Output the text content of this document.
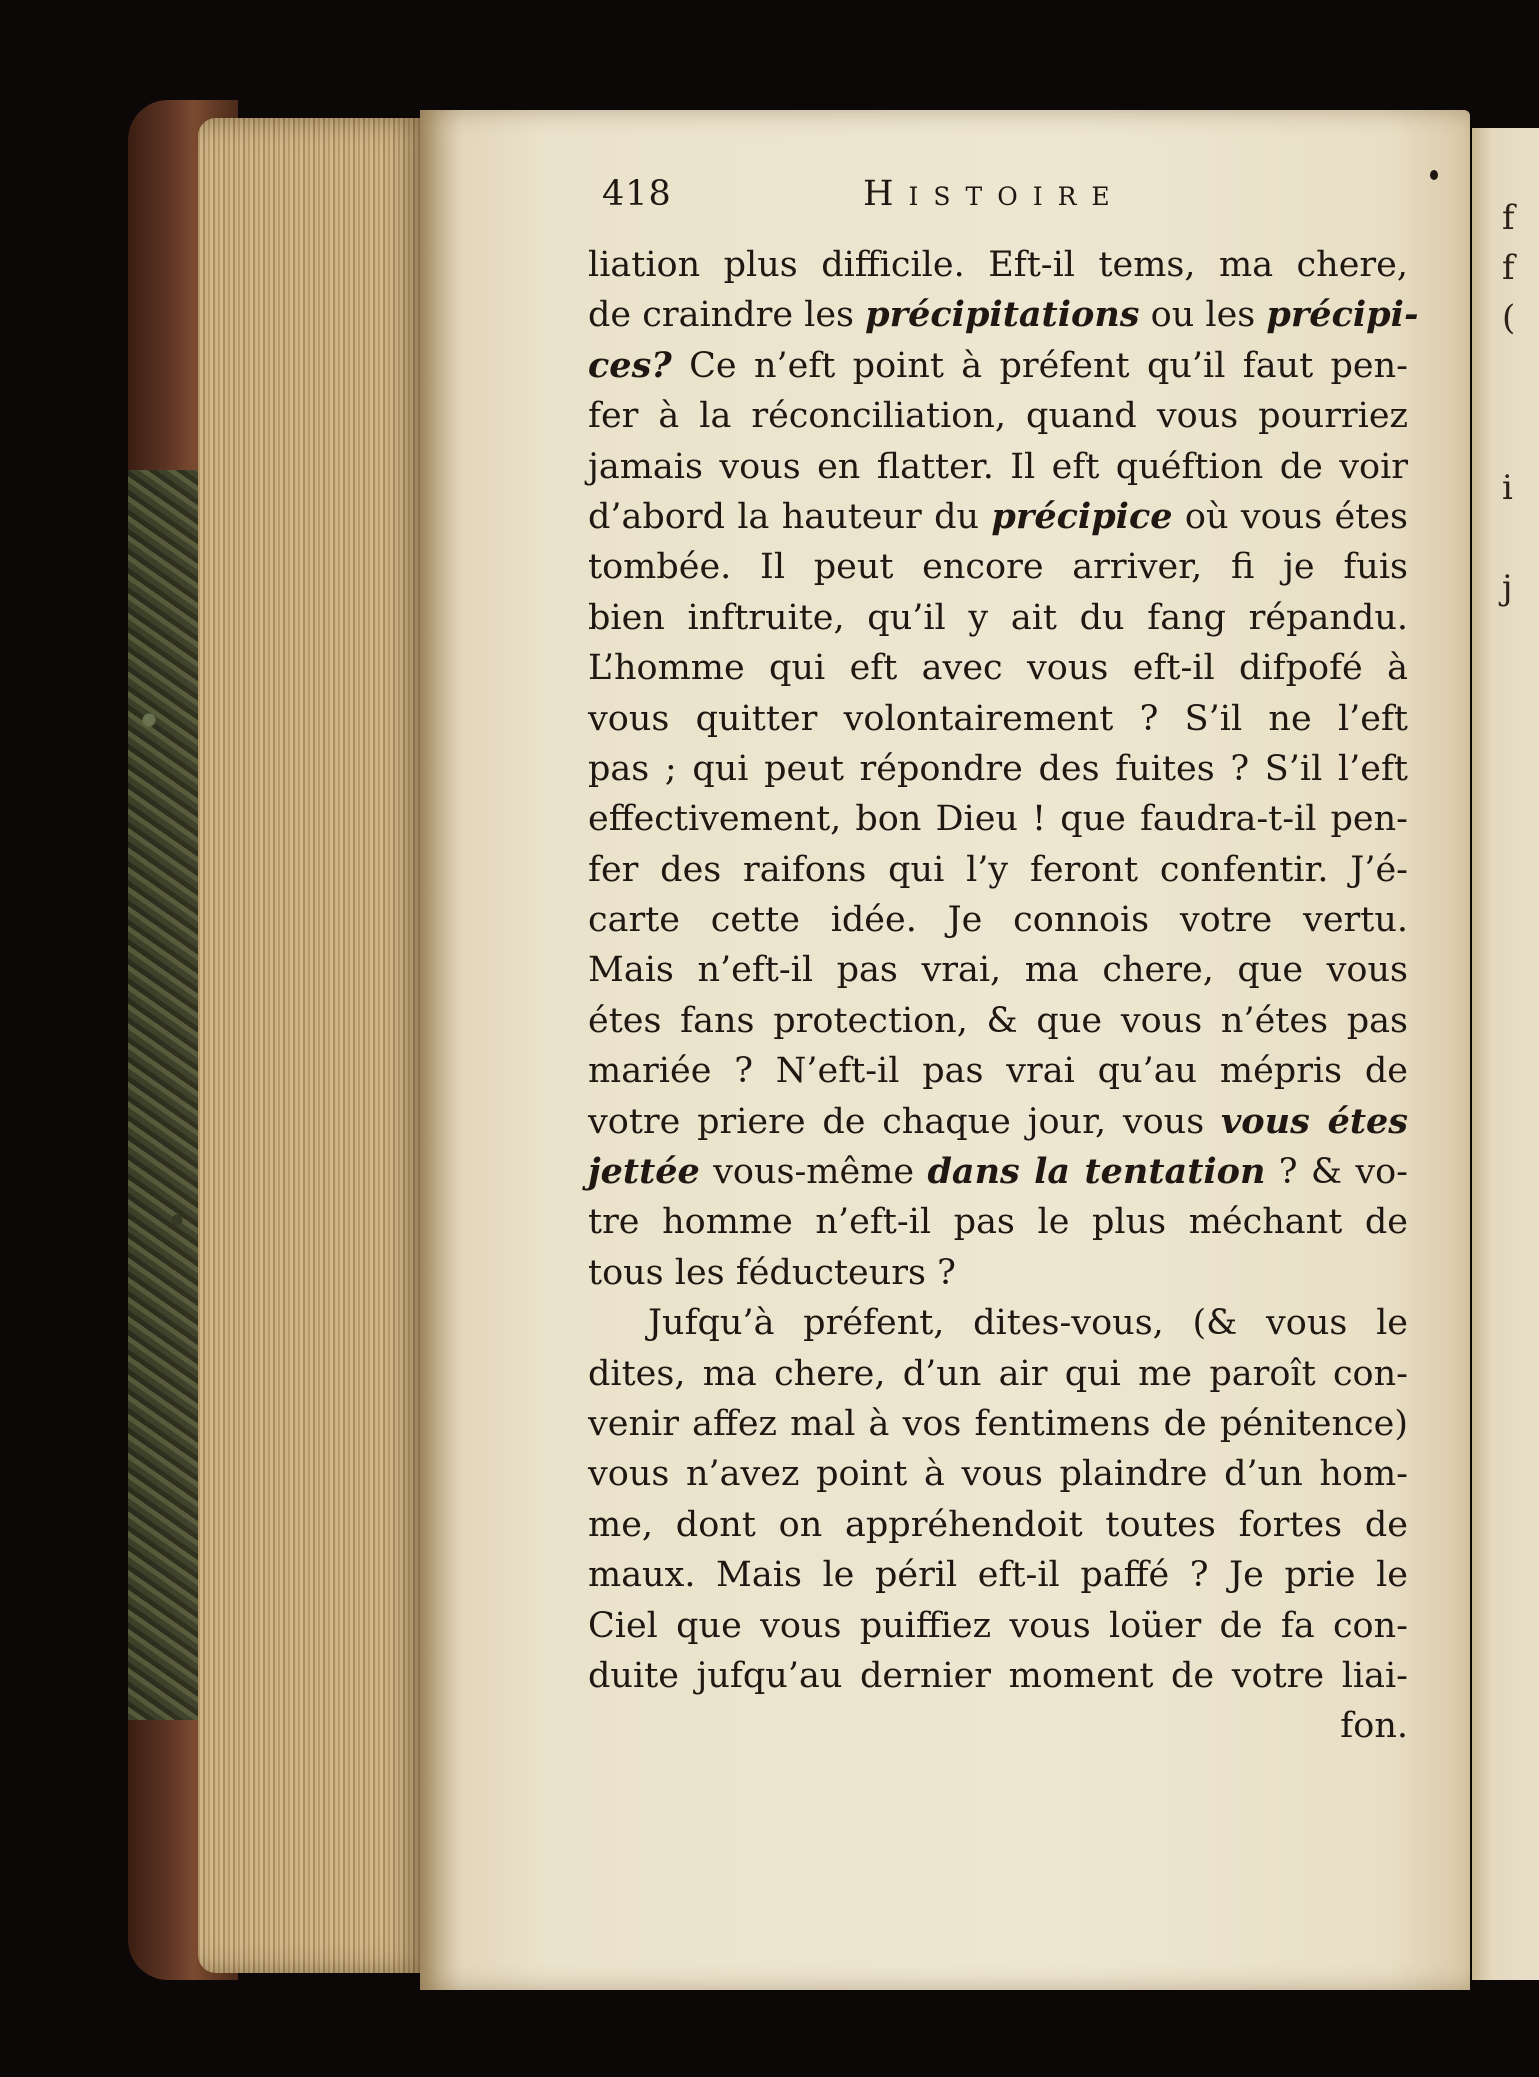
f
f
(
i
j
418	Histoire
liation plus difficile. Eft-il tems, ma chere,
de craindre les précipitations ou les précipi-
ces? Ce n’eft point à préfent qu’il faut pen-
fer à la réconciliation, quand vous pourriez
jamais vous en flatter. Il eft quéftion de voir
d’abord la hauteur du précipice où vous étes
tombée. Il peut encore arriver, fi je fuis
bien inftruite, qu’il y ait du fang répandu.
L’homme qui eft avec vous eft-il difpofé à
vous quitter volontairement ? S’il ne l’eft
pas ; qui peut répondre des fuites ? S’il l’eft
effectivement, bon Dieu ! que faudra-t-il pen-
fer des raifons qui l’y feront confentir. J’é-
carte cette idée. Je connois votre vertu.
Mais n’eft-il pas vrai, ma chere, que vous
étes fans protection, & que vous n’étes pas
mariée ? N’eft-il pas vrai qu’au mépris de
votre priere de chaque jour, vous vous étes
jettée vous-même dans la tentation ? & vo-
tre homme n’eft-il pas le plus méchant de
tous les féducteurs ?
Jufqu’à préfent, dites-vous, (& vous le
dites, ma chere, d’un air qui me paroît con-
venir affez mal à vos fentimens de pénitence)
vous n’avez point à vous plaindre d’un hom-
me, dont on appréhendoit toutes fortes de
maux. Mais le péril eft-il paffé ? Je prie le
Ciel que vous puiffiez vous loüer de fa con-
duite jufqu’au dernier moment de votre liai-
fon.
